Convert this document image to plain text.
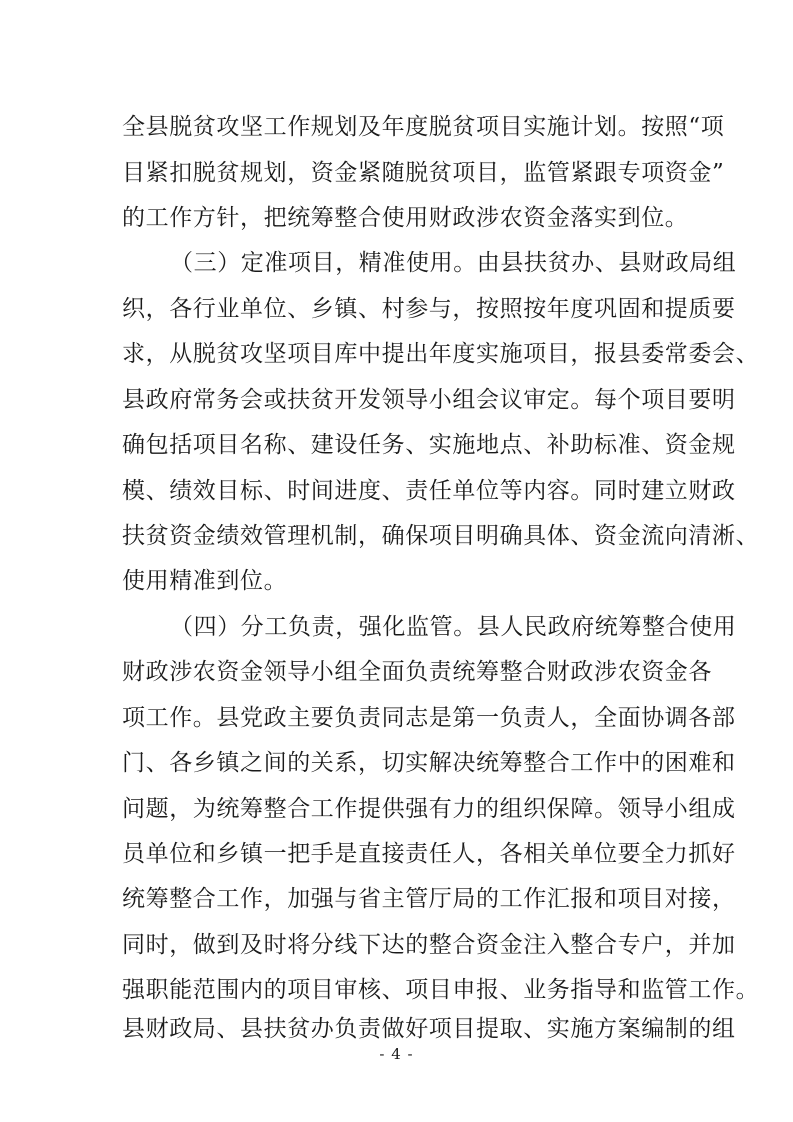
全县脱贫攻坚工作规划及年度脱贫项目实施计划。按照“项
目紧扣脱贫规划，资金紧随脱贫项目，监管紧跟专项资金”
的工作方针，把统筹整合使用财政涉农资金落实到位。
（三）定准项目，精准使用。由县扶贫办、县财政局组
织，各行业单位、乡镇、村参与，按照按年度巩固和提质要
求，从脱贫攻坚项目库中提出年度实施项目，报县委常委会、
县政府常务会或扶贫开发领导小组会议审定。每个项目要明
确包括项目名称、建设任务、实施地点、补助标准、资金规
模、绩效目标、时间进度、责任单位等内容。同时建立财政
扶贫资金绩效管理机制，确保项目明确具体、资金流向清淅、
使用精准到位。
（四）分工负责，强化监管。县人民政府统筹整合使用
财政涉农资金领导小组全面负责统筹整合财政涉农资金各
项工作。县党政主要负责同志是第一负责人，全面协调各部
门、各乡镇之间的关系，切实解决统筹整合工作中的困难和
问题，为统筹整合工作提供强有力的组织保障。领导小组成
员单位和乡镇一把手是直接责任人，各相关单位要全力抓好
统筹整合工作，加强与省主管厅局的工作汇报和项目对接，
同时，做到及时将分线下达的整合资金注入整合专户，并加
强职能范围内的项目审核、项目申报、业务指导和监管工作。
县财政局、县扶贫办负责做好项目提取、实施方案编制的组
- 4 -
